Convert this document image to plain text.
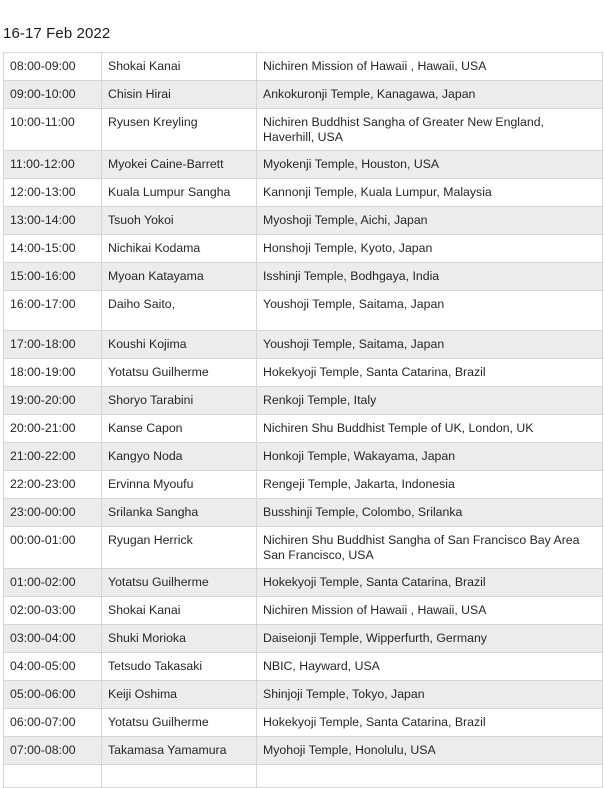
16-17 Feb 2022
08:00-09:00	Shokai Kanai	Nichiren Mission of Hawaii , Hawaii, USA
09:00-10:00	Chisin Hirai	Ankokuronji Temple, Kanagawa, Japan
10:00-11:00	Ryusen Kreyling	Nichiren Buddhist Sangha of Greater New England, Haverhill, USA
11:00-12:00	Myokei Caine-Barrett	Myokenji Temple, Houston, USA
12:00-13:00	Kuala Lumpur Sangha	Kannonji Temple, Kuala Lumpur, Malaysia
13:00-14:00	Tsuoh Yokoi	Myoshoji Temple, Aichi, Japan
14:00-15:00	Nichikai Kodama	Honshoji Temple, Kyoto, Japan
15:00-16:00	Myoan Katayama	Isshinji Temple, Bodhgaya, India
16:00-17:00	Daiho Saito,	Youshoji Temple, Saitama, Japan
17:00-18:00	Koushi Kojima	Youshoji Temple, Saitama, Japan
18:00-19:00	Yotatsu Guilherme	Hokekyoji Temple, Santa Catarina, Brazil
19:00-20:00	Shoryo Tarabini	Renkoji Temple, Italy
20:00-21:00	Kanse Capon	Nichiren Shu Buddhist Temple of UK, London, UK
21:00-22:00	Kangyo Noda	Honkoji Temple, Wakayama, Japan
22:00-23:00	Ervinna Myoufu	Rengeji Temple, Jakarta, Indonesia
23:00-00:00	Srilanka Sangha	Busshinji Temple, Colombo, Srilanka
00:00-01:00	Ryugan Herrick	Nichiren Shu Buddhist Sangha of San Francisco Bay Area San Francisco, USA
01:00-02:00	Yotatsu Guilherme	Hokekyoji Temple, Santa Catarina, Brazil
02:00-03:00	Shokai Kanai	Nichiren Mission of Hawaii , Hawaii, USA
03:00-04:00	Shuki Morioka	Daiseionji Temple, Wipperfurth, Germany
04:00-05:00	Tetsudo Takasaki	NBIC, Hayward, USA
05:00-06:00	Keiji Oshima	Shinjoji Temple, Tokyo, Japan
06:00-07:00	Yotatsu Guilherme	Hokekyoji Temple, Santa Catarina, Brazil
07:00-08:00	Takamasa Yamamura	Myohoji Temple, Honolulu, USA
